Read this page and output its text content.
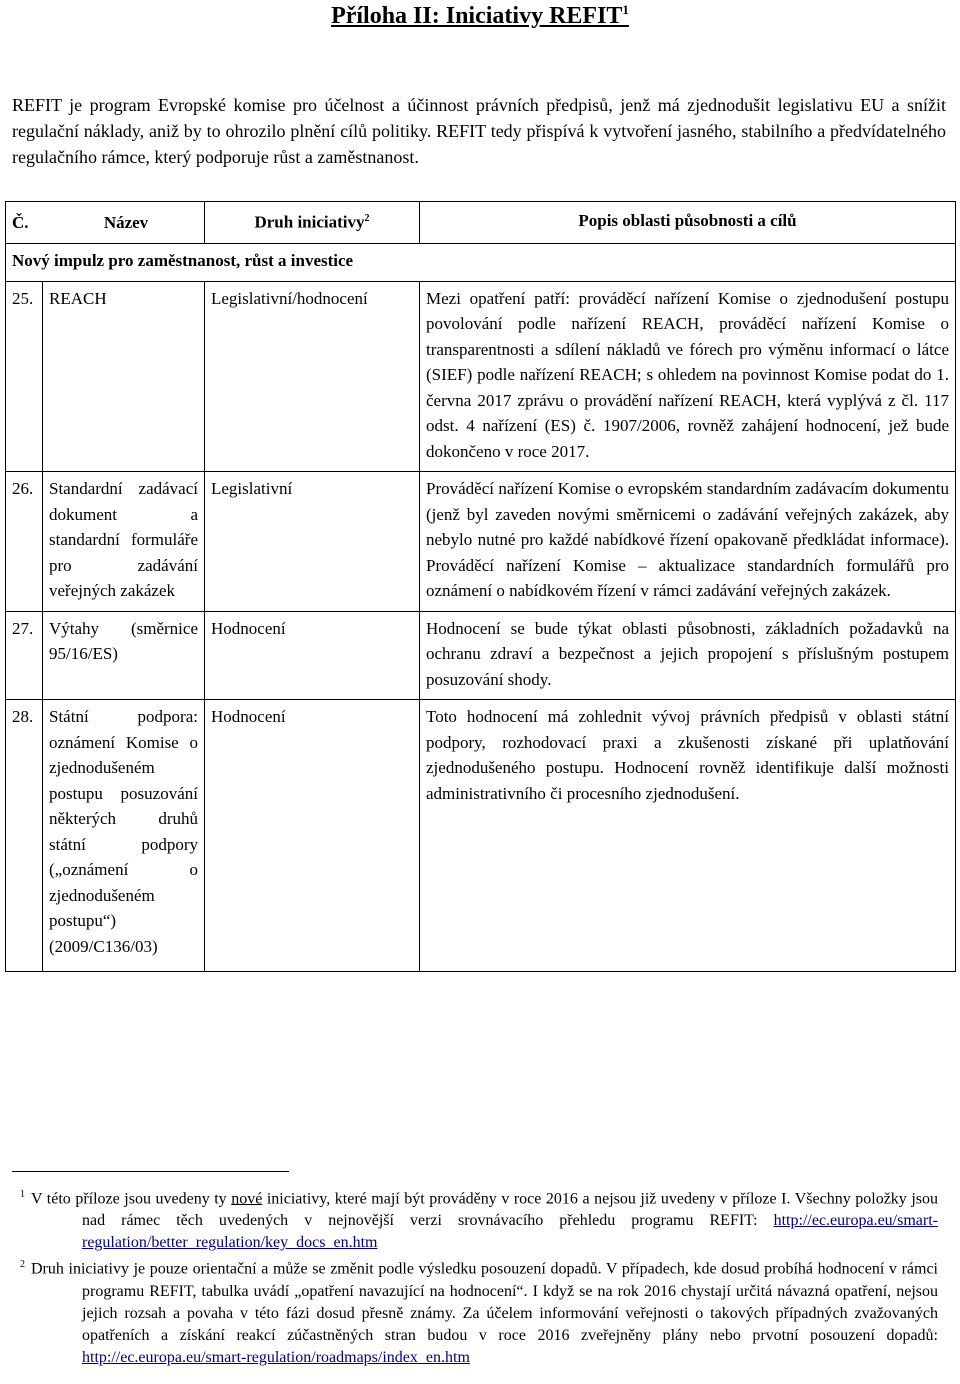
Příloha II: Iniciativy REFIT$^1$

REFIT je program Evropské komise pro účelnost a účinnost právních předpisů, jenž má zjednodušit legislativu EU a snížit regulační náklady, aniž by to ohrozilo plnění cílů politiky. REFIT tedy přispívá k vytvoření jasného, stabilního a předvídatelného regulačního rámce, který podporuje růst a zaměstnanost.

Č. Název		Druh iniciativy$^2$	Popis oblasti působnosti a cílů
Nový impulz pro zaměstnanost, růst a investice			
25.	REACH	Legislativní/hodnocení	Mezi opatření patří: prováděcí nařízení Komise o zjednodušení postupu povolování podle nařízení REACH, prováděcí nařízení Komise o transparentnosti a sdílení nákladů ve fórech pro výměnu informací o látce (SIEF) podle nařízení REACH; s ohledem na povinnost Komise podat do 1. června 2017 zprávu o provádění nařízení REACH, která vyplývá z čl. 117 odst. 4 nařízení (ES) č. 1907/2006, rovněž zahájení hodnocení, jež bude dokončeno v roce 2017.
26.	Standardní zadávací dokument a standardní formuláře pro zadávání veřejných zakázek	Legislativní	Prováděcí nařízení Komise o evropském standardním zadávacím dokumentu (jenž byl zaveden novými směrnicemi o zadávání veřejných zakázek, aby nebylo nutné pro každé nabídkové řízení opakovaně předkládat informace). Prováděcí nařízení Komise – aktualizace standardních formulářů pro oznámení o nabídkovém řízení v rámci zadávání veřejných zakázek.
27.	Výtahy (směrnice 95/16/ES)	Hodnocení	Hodnocení se bude týkat oblasti působnosti, základních požadavků na ochranu zdraví a bezpečnost a jejich propojení s příslušným postupem posuzování shody.
28.	Státní podpora: oznámení Komise o zjednodušeném postupu posuzování některých druhů státní podpory („oznámení o zjednodušeném postupu“) (2009/C136/03)	Hodnocení	Toto hodnocení má zohlednit vývoj právních předpisů v oblasti státní podpory, rozhodovací praxi a zkušenosti získané při uplatňování zjednodušeného postupu. Hodnocení rovněž identifikuje další možnosti administrativního či procesního zjednodušení.

$^1$ V této příloze jsou uvedeny ty nové iniciativy, které mají být prováděny v roce 2016 a nejsou již uvedeny v příloze I. Všechny položky jsou nad rámec těch uvedených v nejnovější verzi srovnávacího přehledu programu REFIT: http://ec.europa.eu/smart-regulation/better_regulation/key_docs_en.htm

$^2$ Druh iniciativy je pouze orientační a může se změnit podle výsledku posouzení dopadů. V případech, kde dosud probíhá hodnocení v rámci programu REFIT, tabulka uvádí „opatření navazující na hodnocení“. I když se na rok 2016 chystají určitá návazná opatření, nejsou jejich rozsah a povaha v této fázi dosud přesně známy. Za účelem informování veřejnosti o takových případných zvažovaných opatřeních a získání reakcí zúčastněných stran budou v roce 2016 zveřejněny plány nebo prvotní posouzení dopadů: http://ec.europa.eu/smart-regulation/roadmaps/index_en.htm
